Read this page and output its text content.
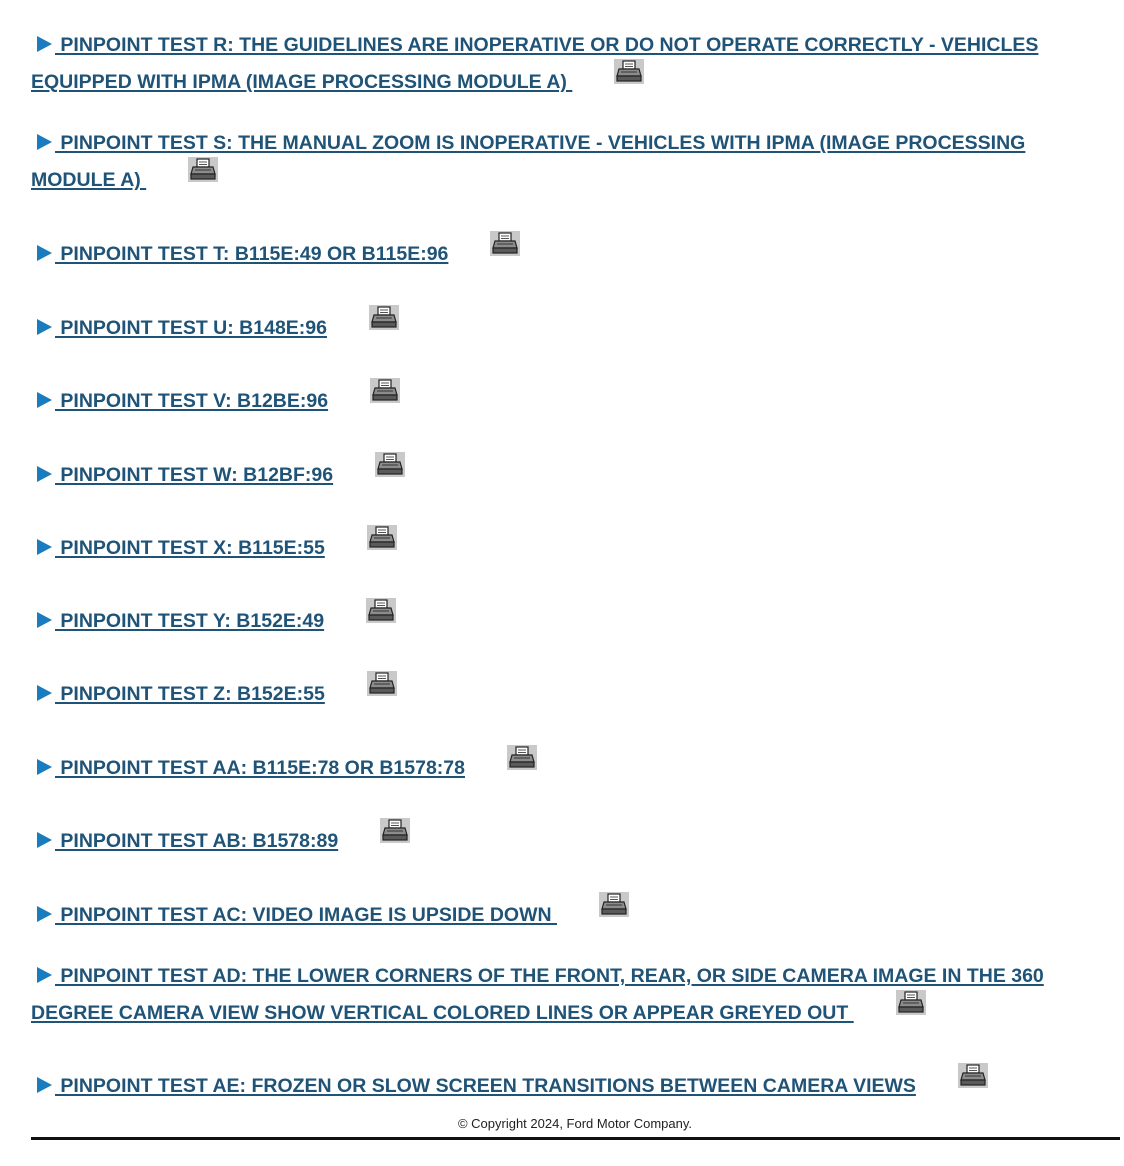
PINPOINT TEST R: THE GUIDELINES ARE INOPERATIVE OR DO NOT OPERATE CORRECTLY - VEHICLES EQUIPPED WITH IPMA (IMAGE PROCESSING MODULE A)
PINPOINT TEST S: THE MANUAL ZOOM IS INOPERATIVE - VEHICLES WITH IPMA (IMAGE PROCESSING MODULE A)
PINPOINT TEST T: B115E:49 OR B115E:96
PINPOINT TEST U: B148E:96
PINPOINT TEST V: B12BE:96
PINPOINT TEST W: B12BF:96
PINPOINT TEST X: B115E:55
PINPOINT TEST Y: B152E:49
PINPOINT TEST Z: B152E:55
PINPOINT TEST AA: B115E:78 OR B1578:78
PINPOINT TEST AB: B1578:89
PINPOINT TEST AC: VIDEO IMAGE IS UPSIDE DOWN
PINPOINT TEST AD: THE LOWER CORNERS OF THE FRONT, REAR, OR SIDE CAMERA IMAGE IN THE 360 DEGREE CAMERA VIEW SHOW VERTICAL COLORED LINES OR APPEAR GREYED OUT
PINPOINT TEST AE: FROZEN OR SLOW SCREEN TRANSITIONS BETWEEN CAMERA VIEWS
© Copyright 2024, Ford Motor Company.
